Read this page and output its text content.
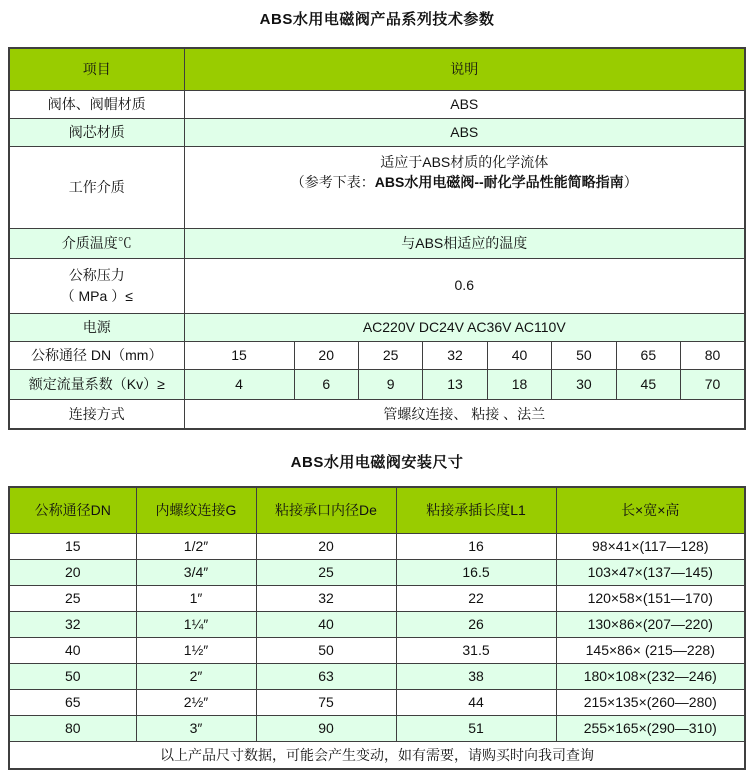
ABS水用电磁阀产品系列技术参数
项目	说明							
阀体、阀帽材质	ABS							
阀芯材质	ABS							
工作介质	适应于ABS材质的化学流体
（参考下表：ABS水用电磁阀--耐化学品性能简略指南）							

介质温度℃	与ABS相适应的温度							

公称压力
（ MPa ）≤	0.6							
电源	AC220V DC24V AC36V AC110V							
公称通径 DN（mm）	15	20	25	32	40	50	65	80
额定流量系数（Kv）≥	4	6	9	13	18	30	45	70
连接方式	管螺纹连接、 粘接 、法兰							
ABS水用电磁阀安装尺寸
公称通径DN	内螺纹连接G	粘接承口内径De	粘接承插长度L1	长×宽×高
15	1/2″	20	16	98×41×(117—128)
20	3/4″	25	16.5	103×47×(137—145)
25	1″	32	22	120×58×(151—170)
32	1¼″	40	26	130×86×(207—220)
40	1½″	50	31.5	145×86× (215—228)
50	2″	63	38	180×108×(232—246)
65	2½″	75	44	215×135×(260—280)
80	3″	90	51	255×165×(290—310)
以上产品尺寸数据，可能会产生变动，如有需要，请购买时向我司查询				
